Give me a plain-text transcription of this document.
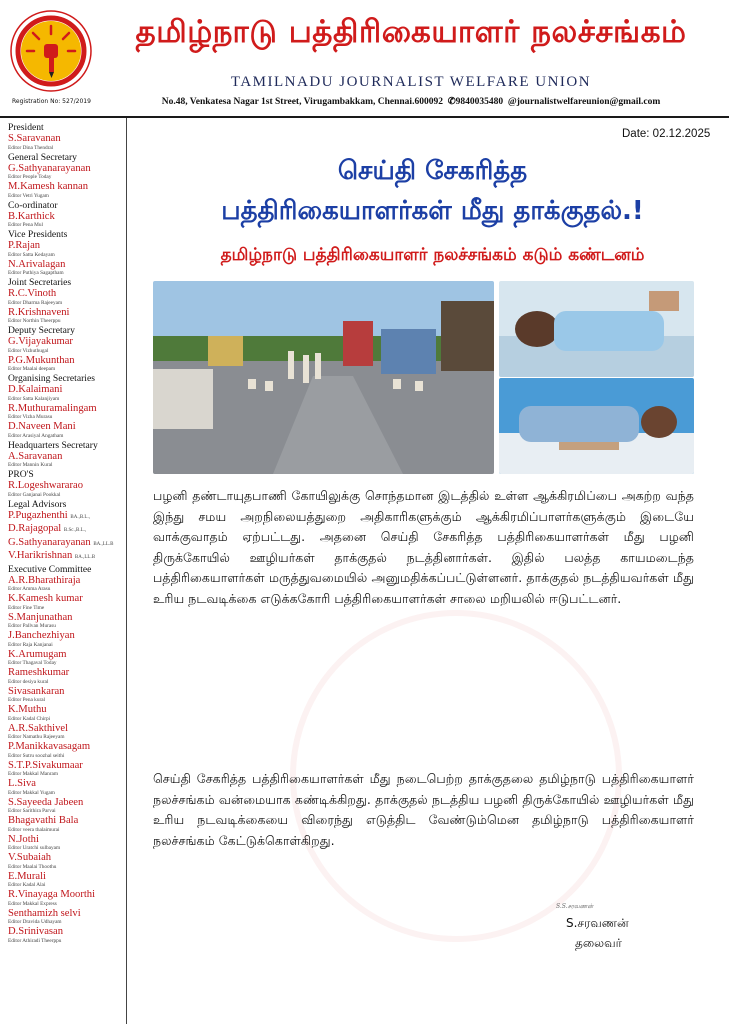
Registration No: 527/2019
தமிழ்நாடு பத்திரிகையாளர் நலச்சங்கம்
TAMILNADU JOURNALIST WELFARE UNION
No.48, Venkatesa Nagar 1st Street, Virugambakkam, Chennai.600092  ✆9840035480  @journalistwelfareunion@gmail.com
President
S.Saravanan
Editor Dina Thendral
General Secretary
G.Sathyanarayanan
Editor People Today
M.Kamesh kannan
Editor Vetri Yugam
Co-ordinator
B.Karthick
Editor Pena Mul
Vice Presidents
P.Rajan
Editor Satta Kedayam
N.Arivalagan
Editor Puthiya Sagaptham
Joint Secretaries
R.C.Vinoth
Editor Dharma Rajeeyam
R.Krishnaveni
Editor Northin Theerppu
Deputy Secretary
G.Vijayakumar
Editor Vizhuthugal
P.G.Mukunthan
Editor Maalai deepam
Organising Secretaries
D.Kalaimani
Editor Satta Kalanjiyam
R.Muthuramalingam
Editor Vizha Murasu
D.Naveen Mani
Editor Arasiyal Angatham
Headquarters Secretary
A.Saravanan
Editor Mannin Kural
PRO'S
R.Logeshwararao
Editor Ganjanai Pookkal
Legal Advisors
P.Pugazhenthi BA.,B.L.,
D.Rajagopal B.Sc.,B.L.,
G.Sathyanarayanan BA.,LL.B
V.Harikrishnan BA.,LL.B
Executive Committee
A.R.Bharathiraja
Editor Amma Arasu
K.Kamesh kumar
Editor Fine Time
S.Manjunathan
Editor Pallvan Murasu
J.Banchezhiyan
Editor Raja Kanjanai
K.Arumugam
Editor Thagaval Today
Rameshkumar
Editor desiya kural
Sivasankaran
Editor Pena kural
K.Muthu
Editor Kadal Chirpi
A.R.Sakthivel
Editor Namathu Rajeeyam
P.Manikkavasagam
Editor Sutru soozhal seithi
S.T.P.Sivakumaar
Editor Makkal Manram
L.Siva
Editor Makkal Yugam
S.Sayeeda Jabeen
Editor Sarithira Parvai
Bhagavathi Bala
Editor veera thalaimurai
N.Jothi
Editor Uratchi sulbayam
V.Subaiah
Editor Maalai Thoothu
E.Murali
Editor Kadal Alai
R.Vinayaga Moorthi
Editor Makkal Express
Senthamizh selvi
Editor Dravida Udhayam
D.Srinivasan
Editor Athiradi Theerppu
Date: 02.12.2025
செய்தி சேகரித்த
பத்திரிகையாளர்கள் மீது தாக்குதல்.!
தமிழ்நாடு பத்திரிகையாளர் நலச்சங்கம் கடும் கண்டனம்
பழனி தண்டாயுதபாணி கோயிலுக்கு சொந்தமான இடத்தில் உள்ள ஆக்கிரமிப்பை அகற்ற வந்த இந்து சமய அறநிலையத்துறை அதிகாரிகளுக்கும் ஆக்கிரமிப்பாளர்களுக்கும் இடையே வாக்குவாதம் ஏற்பட்டது. அதனை செய்தி சேகரித்த பத்திரிகையாளர்கள் மீது பழனி திருக்கோயில் ஊழியர்கள் தாக்குதல் நடத்தினார்கள். இதில் பலத்த காயமடைந்த பத்திரிகையாளர்கள் மருத்துவமையில் அனுமதிக்கப்பட்டுள்ளனர். தாக்குதல் நடத்தியவர்கள் மீது உரிய நடவடிக்கை எடுக்ககோரி பத்திரிகையாளர்கள் சாலை மறியலில் ஈடுபட்டனர்.
செய்தி சேகரித்த பத்திரிகையாளர்கள் மீது நடைபெற்ற தாக்குதலை தமிழ்நாடு பத்திரிகையாளர் நலச்சங்கம் வன்மையாக கண்டிக்கிறது. தாக்குதல் நடத்திய பழனி திருக்கோயில் ஊழியர்கள் மீது உரிய நடவடிக்கையை விரைந்து எடுத்திட வேண்டும்மென தமிழ்நாடு பத்திரிகையாளர் நலச்சங்கம் கேட்டுக்கொள்கிறது.
S.S.சரவணன்
S.சரவணன்
தலைவர்
